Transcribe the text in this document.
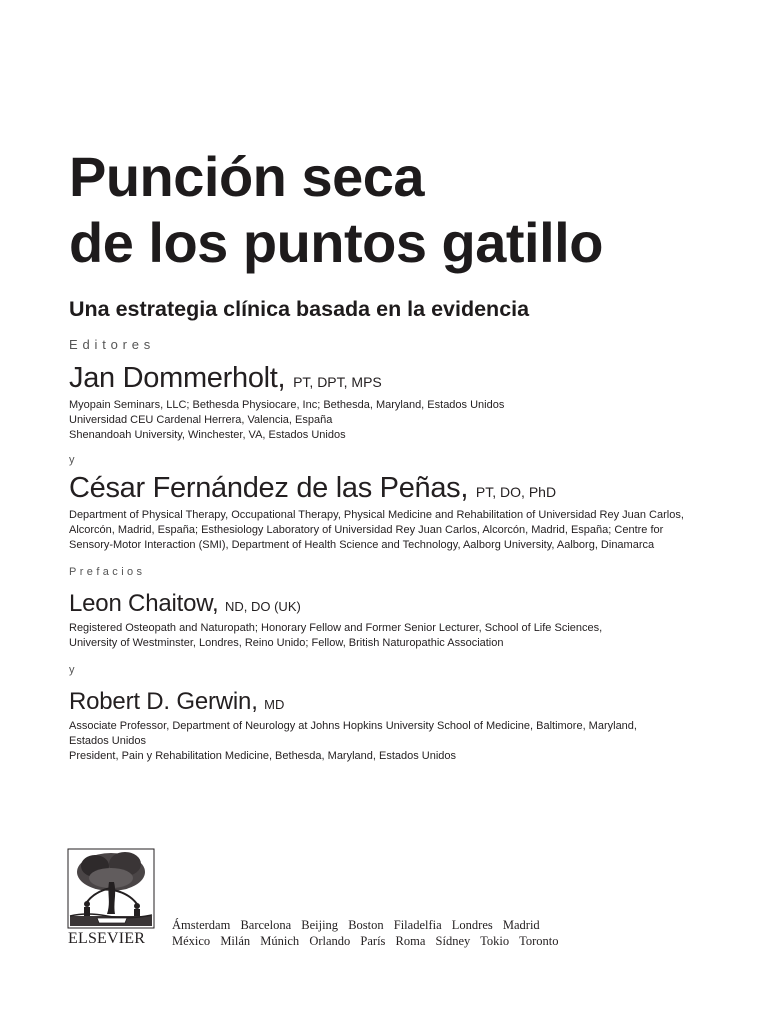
Punción seca
de los puntos gatillo
Una estrategia clínica basada en la evidencia
Editores
Jan Dommerholt, PT, DPT, MPS
Myopain Seminars, LLC; Bethesda Physiocare, Inc; Bethesda, Maryland, Estados Unidos
Universidad CEU Cardenal Herrera, Valencia, España
Shenandoah University, Winchester, VA, Estados Unidos
y
César Fernández de las Peñas, PT, DO, PhD
Department of Physical Therapy, Occupational Therapy, Physical Medicine and Rehabilitation of Universidad Rey Juan Carlos,
Alcorcón, Madrid, España; Esthesiology Laboratory of Universidad Rey Juan Carlos, Alcorcón, Madrid, España; Centre for
Sensory-Motor Interaction (SMI), Department of Health Science and Technology, Aalborg University, Aalborg, Dinamarca
Prefacios
Leon Chaitow, ND, DO (UK)
Registered Osteopath and Naturopath; Honorary Fellow and Former Senior Lecturer, School of Life Sciences,
University of Westminster, Londres, Reino Unido; Fellow, British Naturopathic Association
y
Robert D. Gerwin, MD
Associate Professor, Department of Neurology at Johns Hopkins University School of Medicine, Baltimore, Maryland,
Estados Unidos
President, Pain y Rehabilitation Medicine, Bethesda, Maryland, Estados Unidos
ELSEVIER
Ámsterdam Barcelona Beijing Boston Filadelfia Londres Madrid
México Milán Múnich Orlando París Roma Sídney Tokio Toronto
